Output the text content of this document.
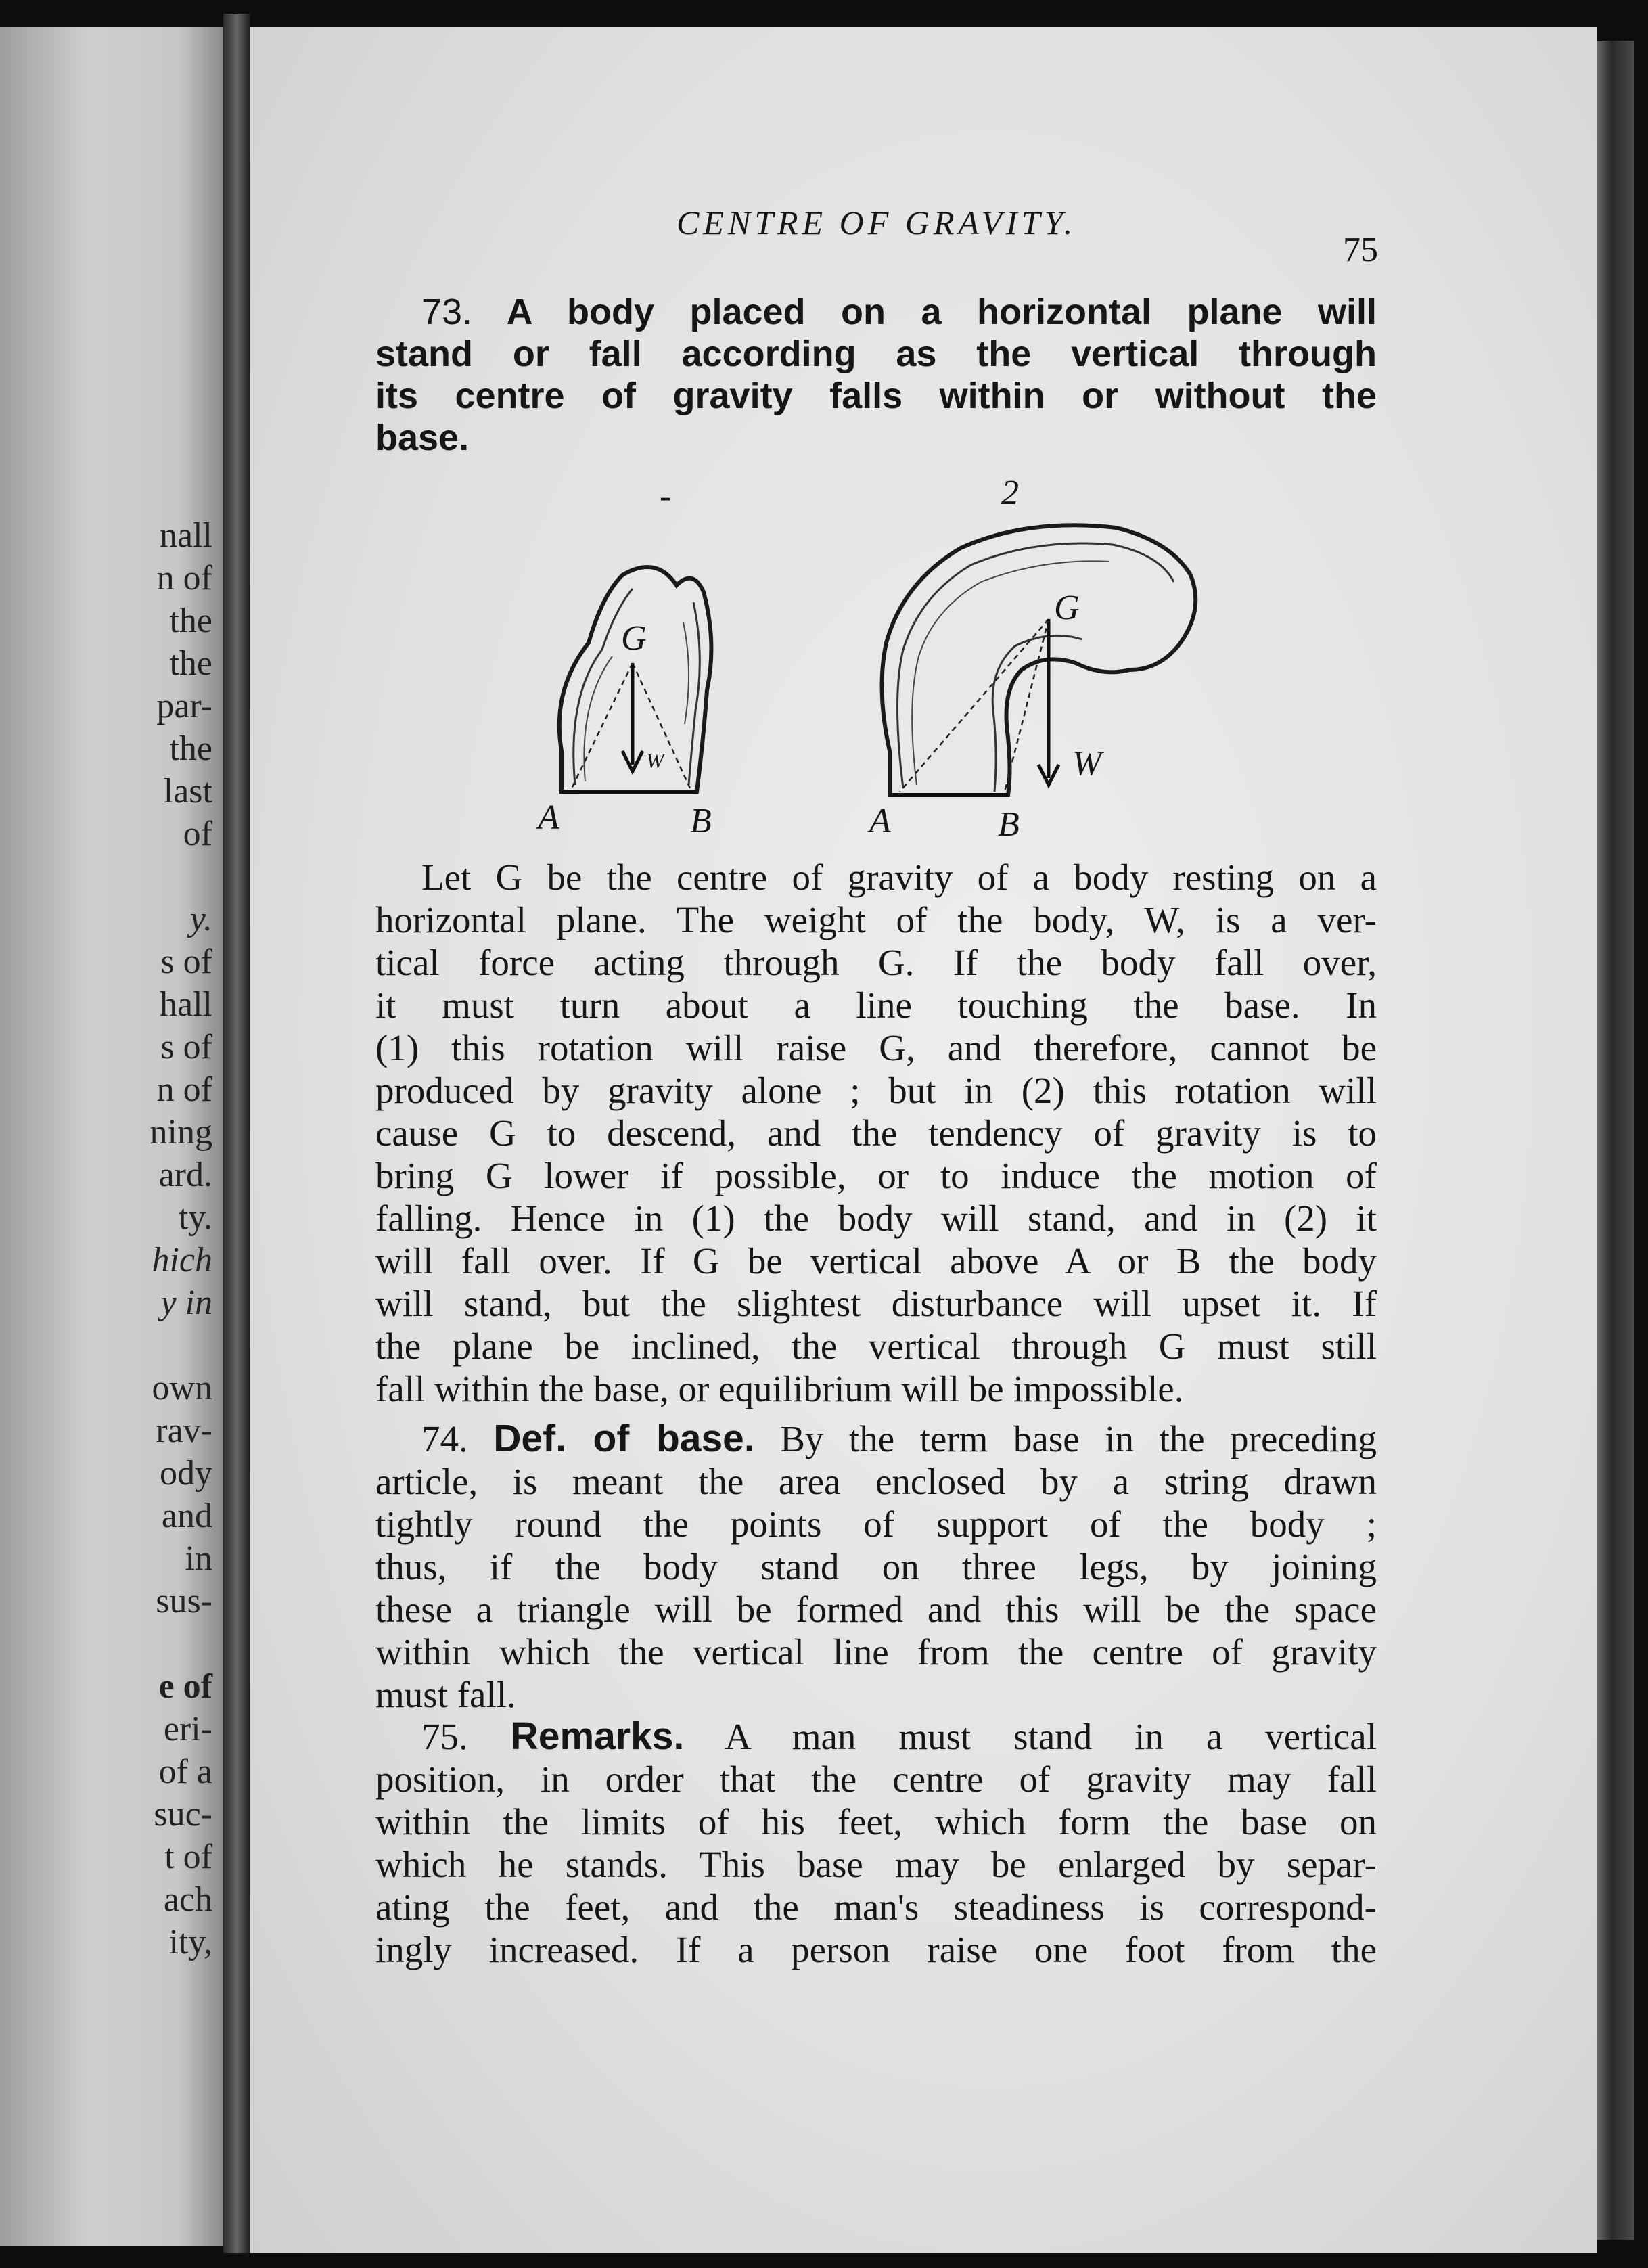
nall
n of
the
the
par-
the
last
of
y.
s of
hall
s of
n of
ning
ard.
ty.
hich
y in
own
rav-
ody
and
in
sus-
e of
eri-
of a
suc-
t of
ach
ity,
CENTRE OF GRAVITY.
75
73. A body placed on a horizontal plane will
stand or fall according as the vertical through
its centre of gravity falls within or without the
base.
-
G
W
A	B
2
G
W
A	B
Let G be the centre of gravity of a body resting on a
horizontal plane. The weight of the body, W, is a ver-
tical force acting through G. If the body fall over,
it must turn about a line touching the base. In
(1) this rotation will raise G, and therefore, cannot be
produced by gravity alone ; but in (2) this rotation will
cause G to descend, and the tendency of gravity is to
bring G lower if possible, or to induce the motion of
falling. Hence in (1) the body will stand, and in (2) it
will fall over. If G be vertical above A or B the body
will stand, but the slightest disturbance will upset it. If
the plane be inclined, the vertical through G must still
fall within the base, or equilibrium will be impossible.
74. Def. of base. By the term base in the preceding
article, is meant the area enclosed by a string drawn
tightly round the points of support of the body ;
thus, if the body stand on three legs, by joining
these a triangle will be formed and this will be the space
within which the vertical line from the centre of gravity
must fall.
75. Remarks. A man must stand in a vertical
position, in order that the centre of gravity may fall
within the limits of his feet, which form the base on
which he stands. This base may be enlarged by separ-
ating the feet, and the man's steadiness is correspond-
ingly increased. If a person raise one foot from the
